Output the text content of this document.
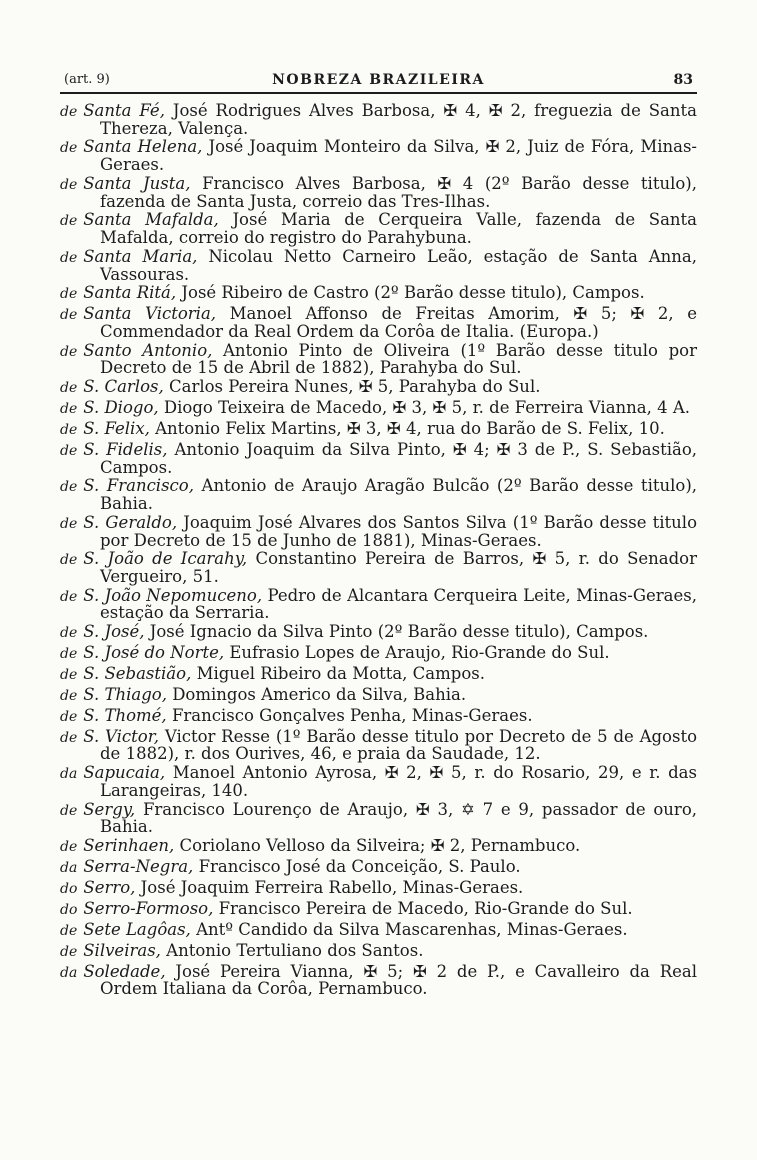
(art. 9)	NOBREZA BRAZILEIRA	83

de Santa Fé, José Rodrigues Alves Barbosa, ✠ 4, ✠ 2, freguezia de Santa Thereza, Valença.

de Santa Helena, José Joaquim Monteiro da Silva, ✠ 2, Juiz de Fóra, Minas-Geraes.

de Santa Justa, Francisco Alves Barbosa, ✠ 4 (2º Barão desse titulo), fazenda de Santa Justa, correio das Tres-Ilhas.

de Santa Mafalda, José Maria de Cerqueira Valle, fazenda de Santa Mafalda, correio do registro do Parahybuna.

de Santa Maria, Nicolau Netto Carneiro Leão, estação de Santa Anna, Vassouras.

de Santa Ritá, José Ribeiro de Castro (2º Barão desse titulo), Campos.

de Santa Victoria, Manoel Affonso de Freitas Amorim, ✠ 5; ✠ 2, e Commendador da Real Ordem da Corôa de Italia. (Europa.)

de Santo Antonio, Antonio Pinto de Oliveira (1º Barão desse titulo por Decreto de 15 de Abril de 1882), Parahyba do Sul.

de S. Carlos, Carlos Pereira Nunes, ✠ 5, Parahyba do Sul.

de S. Diogo, Diogo Teixeira de Macedo, ✠ 3, ✠ 5, r. de Ferreira Vianna, 4 A.

de S. Felix, Antonio Felix Martins, ✠ 3, ✠ 4, rua do Barão de S. Felix, 10.

de S. Fidelis, Antonio Joaquim da Silva Pinto, ✠ 4; ✠ 3 de P., S. Sebastião, Campos.

de S. Francisco, Antonio de Araujo Aragão Bulcão (2º Barão desse titulo), Bahia.

de S. Geraldo, Joaquim José Alvares dos Santos Silva (1º Barão desse titulo por Decreto de 15 de Junho de 1881), Minas-Geraes.

de S. João de Icarahy, Constantino Pereira de Barros, ✠ 5, r. do Senador Vergueiro, 51.

de S. João Nepomuceno, Pedro de Alcantara Cerqueira Leite, Minas-Geraes, estação da Serraria.

de S. José, José Ignacio da Silva Pinto (2º Barão desse titulo), Campos.

de S. José do Norte, Eufrasio Lopes de Araujo, Rio-Grande do Sul.

de S. Sebastião, Miguel Ribeiro da Motta, Campos.

de S. Thiago, Domingos Americo da Silva, Bahia.

de S. Thomé, Francisco Gonçalves Penha, Minas-Geraes.

de S. Victor, Victor Resse (1º Barão desse titulo por Decreto de 5 de Agosto de 1882), r. dos Ourives, 46, e praia da Saudade, 12.

da Sapucaia, Manoel Antonio Ayrosa, ✠ 2, ✠ 5, r. do Rosario, 29, e r. das Larangeiras, 140.

de Sergy, Francisco Lourenço de Araujo, ✠ 3, ✡ 7 e 9, passador de ouro, Bahia.

de Serinhaen, Coriolano Velloso da Silveira; ✠ 2, Pernambuco.

da Serra-Negra, Francisco José da Conceição, S. Paulo.

do Serro, José Joaquim Ferreira Rabello, Minas-Geraes.

do Serro-Formoso, Francisco Pereira de Macedo, Rio-Grande do Sul.

de Sete Lagôas, Antº Candido da Silva Mascarenhas, Minas-Geraes.

de Silveiras, Antonio Tertuliano dos Santos.

da Soledade, José Pereira Vianna, ✠ 5; ✠ 2 de P., e Cavalleiro da Real Ordem Italiana da Corôa, Pernambuco.
